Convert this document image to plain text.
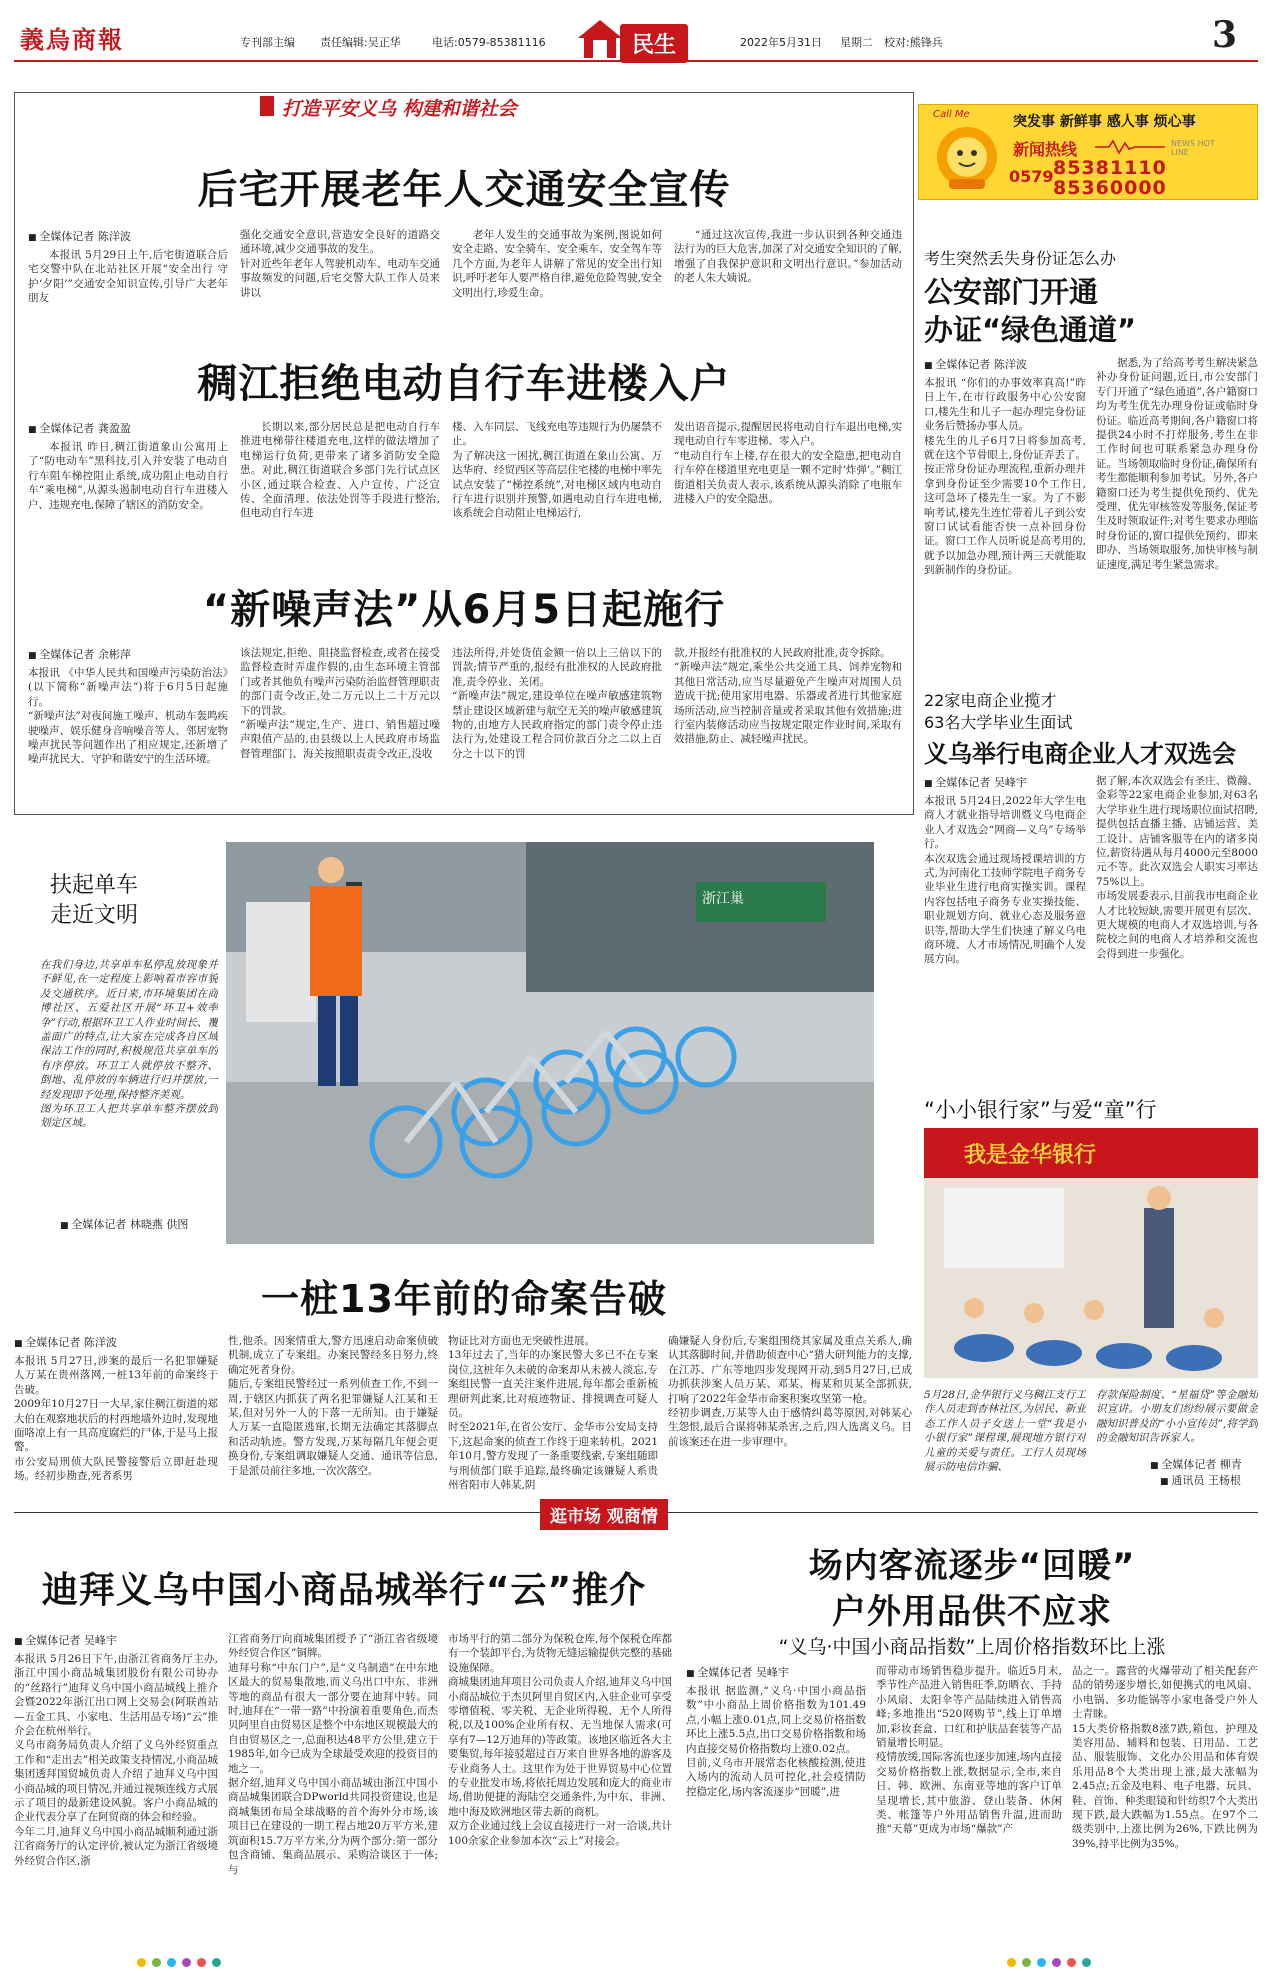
義烏商報	专刊部主编 责任编辑:吴正华	电话:0579-85381116	民生	2022年5月31日 星期二 校对:熊锋兵	3
打造平安义乌 构建和谐社会
后宅开展老年人交通安全宣传
■ 全媒体记者 陈洋波

本报讯 5月29日上午,后宅街道联合后宅交警中队在北站社区开展“安全出行 守护‘夕阳’”交通安全知识宣传,引导广大老年朋友

强化交通安全意识,营造安全良好的道路交通环境,减少交通事故的发生。
针对近些年老年人驾驶机动车、电动车交通事故频发的问题,后宅交警大队工作人员来讲以

老年人发生的交通事故为案例,图说如何安全走路、安全骑车、安全乘车、安全驾车等几个方面,为老年人讲解了常见的安全出行知识,呼吁老年人要严格自律,避免危险驾驶,安全文明出行,珍爱生命。

“通过这次宣传,我进一步认识到各种交通违法行为的巨大危害,加深了对交通安全知识的了解,增强了自我保护意识和文明出行意识。”参加活动的老人朱大姨说。

稠江拒绝电动自行车进楼入户
■ 全媒体记者 龚盈盈

本报讯 昨日,稠江街道象山公寓用上了“防电动车”黑科技,引入并安装了电动自行车阻车梯控阻止系统,成功阻止电动自行车“乘电梯”,从源头遏制电动自行车进楼入户、违规充电,保障了辖区的消防安全。

长期以来,部分居民总是把电动自行车推进电梯带往楼道充电,这样的做法增加了电梯运行负荷,更带来了诸多消防安全隐患。对此,稠江街道联合多部门先行试点区小区,通过联合检查、入户宣传、广泛宣传、全面清理、依法处罚等手段进行整治,但电动自行车进

楼、入车同层、飞线充电等违规行为仍屡禁不止。
为了解决这一困扰,稠江街道在象山公寓、万达华府、经贸西区等高层住宅楼的电梯中率先试点安装了“梯控系统”,对电梯区域内电动自行车进行识别并预警,如遇电动自行车进电梯,该系统会自动阻止电梯运行,
发出语音提示,提醒居民将电动自行车退出电梯,实现电动自行车零进梯、零入户。
“电动自行车上楼,存在很大的安全隐患,把电动自行车停在楼道里充电更是一颗不定时‘炸弹’。”稠江街道相关负责人表示,该系统从源头消除了电瓶车进楼入户的安全隐患。
“新噪声法”从6月5日起施行
■ 全媒体记者 余彬萍
本报讯 《中华人民共和国噪声污染防治法》(以下简称“新噪声法”)将于6月5日起施行。
“新噪声法”对夜间施工噪声、机动车轰鸣疾驶噪声、娱乐健身音响噪音等人、邻居宠物噪声扰民等问题作出了相应规定,还新增了噪声扰民大、守护和谐安宁的生活环境。
该法规定,拒绝、阻挠监督检查,或者在接受监督检查时弄虚作假的,由生态环境主管部门或者其他负有噪声污染防治监督管理职责的部门责令改正,处二万元以上二十万元以下的罚款。
“新噪声法”规定,生产、进口、销售超过噪声限值产品的,由县级以上人民政府市场监督管理部门、海关按照职责责令改正,没收
违法所得,并处货值金额一倍以上三倍以下的罚款;情节严重的,报经有批准权的人民政府批准,责令停业、关闭。
“新噪声法”规定,建设单位在噪声敏感建筑物禁止建设区域新建与航空无关的噪声敏感建筑物的,由地方人民政府指定的部门责令停止违法行为,处建设工程合同价款百分之二以上百分之十以下的罚
款,并报经有批准权的人民政府批准,责令拆除。
“新噪声法”规定,乘坐公共交通工具、饲养宠物和其他日常活动,应当尽量避免产生噪声对周围人员造成干扰;使用家用电器、乐器或者进行其他家庭场所活动,应当控制音量或者采取其他有效措施;进行室内装修活动应当按规定限定作业时间,采取有效措施,防止、减轻噪声扰民。
Call Me	突发事 新鲜事 感人事 烦心事
新闻热线	NEWS HOT LINE
0579 85381110
85360000
考生突然丢失身份证怎么办
公安部门开通
办证“绿色通道”
■ 全媒体记者 陈洋波
本报讯 “你们的办事效率真高!”昨日上午,在市行政服务中心公安窗口,楼先生和儿子一起办理完身份证业务后赞扬办事人员。
楼先生的儿子6月7日将参加高考,就在这个节骨眼上,身份证弄丢了。按正常身份证办理流程,重新办理并拿到身份证至少需要10个工作日,这可急坏了楼先生一家。为了不影响考试,楼先生连忙带着儿子到公安窗口试试看能否快一点补回身份证。窗口工作人员听说是高考用的,就予以加急办理,预计两三天就能取到新制作的身份证。

据悉,为了给高考考生解决紧急补办身份证问题,近日,市公安部门专门开通了“绿色通道”,各户籍窗口均为考生优先办理身份证或临时身份证。临近高考期间,各户籍窗口将提供24小时不打烊服务,考生在非工作时间也可联系紧急办理身份证。当场领取临时身份证,确保所有考生都能顺利参加考试。另外,各户籍窗口还为考生提供免预约、优先受理、优先审核签发等服务,保证考生及时领取证件;对考生要求办理临时身份证的,窗口提供免预约、即来即办、当场领取服务,加快审核与制证速度,满足考生紧急需求。

22家电商企业揽才
63名大学毕业生面试
义乌举行电商企业人才双选会
■ 全媒体记者 吴峰宇
本报讯 5月24日,2022年大学生电商人才就业指导培训暨义乌电商企业人才双选会“网商—义乌”专场举行。
本次双选会通过现场授课培训的方式,为河南化工技师学院电子商务专业毕业生进行电商实操实训。课程内容包括电子商务专业实操技能、职业规划方向、就业心态及服务意识等,帮助大学生们快速了解义乌电商环境、人才市场情况,明确个人发展方向。
据了解,本次双选会有圣庄、微瀚、金彩等22家电商企业参加,对63名大学毕业生进行现场职位面试招聘,提供包括直播主播、店铺运营、美工设计、店铺客服等在内的诸多岗位,薪资待遇从每月4000元至8000元不等。此次双选会人职实习率达75%以上。
市场发展委表示,目前我市电商企业人才比较短缺,需要开展更有层次、更大规模的电商人才双选培训,与各院校之间的电商人才培养和交流也会得到进一步强化。
扶起单车
走近文明
在我们身边,共享单车私停乱放现象并不鲜见,在一定程度上影响着市容市貌及交通秩序。近日来,市环境集团在商博社区、五爱社区开展“环卫+效率争”行动,根据环卫工人作业时间长、覆盖面广的特点,让大家在完成各自区域保洁工作的同时,积极规范共享单车的有序停放。环卫工人就停放不整齐、倒地、乱停放的车辆进行归并摆放,一经发现即予处理,保持整齐美观。
图为环卫工人把共享单车整齐摆放到划定区域。
■ 全媒体记者 林晓燕 供图
浙江巢
“小小银行家”与爱“童”行
我是金华银行
5月28日,金华银行义乌稠江支行工作人员走到杏林社区,为居民、新业态工作人员子女送上一堂“我是小小银行家”课程课,展现地方银行对儿童的关爱与责任。工行人员现场展示防电信诈骗、
存款保险制度、“星福贷”等金融知识宣讲。小朋友们纷纷展示要做金融知识普及的“小小宣传员”,将学到的金融知识告诉家人。
■ 全媒体记者 柳青
■ 通讯员 王杨根
一桩13年前的命案告破
■ 全媒体记者 陈洋波
本报讯 5月27日,涉案的最后一名犯罪嫌疑人万某在贵州落网,一桩13年前的命案终于告破。
2009年10月27日一大早,家住稠江街道的郑大伯在观察地状后的村西地墙外边时,发现地面咯凉上有一具高度腐烂的尸体,于是马上报警。
市公安局刑侦大队民警接警后立即赶赴现场。经初步勘查,死者系男
性,他杀。因案情重大,警方迅速启动命案侦破机制,成立了专案组。办案民警经多日努力,终确定死者身份。
随后,专案组民警经过一系列侦查工作,不到一周,于辖区内抓获了两名犯罪嫌疑人江某和王某,但对另外一人的下落一无所知。由于嫌疑人万某一直隐匿逃窜,长期无法确定其落脚点和活动轨迹。警方发现,万某每隔几年便会更换身份,专案组调取嫌疑人交通、通讯等信息,于是派员前往多地,一次次落空。
物证比对方面也无突破性进展。
13年过去了,当年的办案民警大多已不在专案岗位,这桩年久未破的命案却从未被人淡忘,专案组民警一直关注案件进展,每年都会重新梳理研判此案,比对痕迹物证、排摸调查可疑人员。
时至2021年,在省公安厅、金华市公安局支持下,这起命案的侦查工作终于迎来转机。2021年10月,警方发现了一条重要线索,专案组随即与刑侦部门联手追踪,最终确定该嫌疑人系贵州省阳市人韩某,阴
确嫌疑人身份后,专案组围绕其家属及重点关系人,确认其落脚时间,并借助侦查中心“猎大研判能力的支撑,在江苏、广东等地四步发现网开动,到5月27日,已成功抓获涉案人员万某、邓某、梅某和贝某全部抓获,打响了2022年金华市命案积案攻坚第一枪。
经初步调查,万某等人由于感情纠葛等原因,对韩某心生怨恨,最后合谋将韩某杀害,之后,四人选离义乌。目前该案还在进一步审理中。
逛市场 观商情
迪拜义乌中国小商品城举行“云”推介
■ 全媒体记者 吴峰宇
本报讯 5月26日下午,由浙江省商务厅主办,浙江中国小商品城集团股份有限公司协办的“丝路行”迪拜义乌中国小商品城线上推介会暨2022年浙江出口网上交易会(阿联酋站—五金工具、小家电、生活用品专场)“云”推介会在杭州举行。
义乌市商务局负责人介绍了义乌外经贸重点工作和“走出去”相关政策支持情况,小商品城集团透拜国贸城负责人介绍了迪拜义乌中国小商品城的项目情况,并通过视频连线方式展示了项目的最新建设风貌。客户小商品城的企业代表分享了在阿贸商的体会和经验。
今年二月,迪拜义乌中国小商品城顺利通过浙江省商务厅的认定评价,被认定为浙江省级境外经贸合作区,浙
江省商务厅向商城集团授予了“浙江省省级境外经贸合作区”铜牌。
迪拜号称“中东门户”,是“义乌制造”在中东地区最大的贸易集散地,而义乌出口中东、非洲等地的商品有很大一部分要在迪拜中转。同时,迪拜在“一带一路”中扮演着重要角色,而杰贝阿里自由贸易区是整个中东地区规模最大的自由贸易区之一,总面积达48平方公里,建立于1985年,如今已成为全球最受欢迎的投资目的地之一。
据介绍,迪拜义乌中国小商品城由浙江中国小商品城集团联合DPworld共同投资建设,也是商城集团布局全球战略的首个海外分市场,该项目已在建设的一期工程占地20万平方米,建筑面积15.7万平方米,分为两个部分:第一部分包含商铺、集商品展示、采购洽谈区于一体;与
市场平行的第二部分为保税仓库,每个保税仓库都有一个装卸平台,为货物无缝运输提供完整的基础设施保障。
商城集团迪拜项目公司负责人介绍,迪拜义乌中国小商品城位于杰贝阿里自贸区内,入驻企业可享受零增值税、零关税、无企业所得税、无个人所得税,以及100%企业所有权、无当地保人需求(可享有7—12万迪拜的)等政策。该地区临近各大主要集贸,每年接驳超过百万来自世界各地的游客及专业商务人士。这里作为处于世界贸易中心位置的专业批发市场,将依托周边发展和庞大的商业市场,借助便捷的海陆空交通条件,为中东、非洲、地中海及欧洲地区带去新的商机。
双方企业通过线上会议直接进行一对一洽谈,共计100余家企业参加本次“云上”对接会。
场内客流逐步“回暖”
户外用品供不应求
“义乌·中国小商品指数”上周价格指数环比上涨
■ 全媒体记者 吴峰宇
本报讯 据监测,“义乌·中国小商品指数”中小商品上周价格指数为101.49点,小幅上涨0.01点,同上交易价格指数环比上涨5.5点,出口交易价格指数和场内直接交易价格指数均上涨0.02点。
目前,义乌市开展常态化核酸检测,使进入场内的流动人员可控化,社会疫情防控稳定化,场内客流逐步“回暖”,进
而带动市场销售稳步提升。临近5月末,季节性产品进入销售旺季,防晒衣、手持小风扇、太阳伞等产品陆续进入销售高峰;多地推出“520网购节”,线上订单增加,彩妆套盒、口红和护肤品套装等产品销量增长明显。
疫情放缓,国际客流也逐步加速,场内直接交易价格指数上涨,数据显示,全市,来自日、韩、欧洲、东南亚等地的客户订单呈现增长,其中旅游、登山装备、休闲类、帐篷等户外用品销售升温,进而助推“天幕”更成为市场“爆款”产
品之一。露营的火爆带动了相关配套产品的销势逐步增长,如便携式的电风扇、小电锅、多功能锅等小家电备受户外人士青睐。
15大类价格指数8涨7跌,箱包、护理及美容用品、辅料和包装、日用品、工艺品、服装服饰、文化办公用品和体育娱乐用品8个大类出现上涨,最大涨幅为2.45点;五金及电料、电子电器、玩具、鞋、首饰、种类眼镜和针纺织7个大类出现下跌,最大跌幅为1.55点。在97个二级类别中,上涨比例为26%,下跌比例为39%,持平比例为35%。
